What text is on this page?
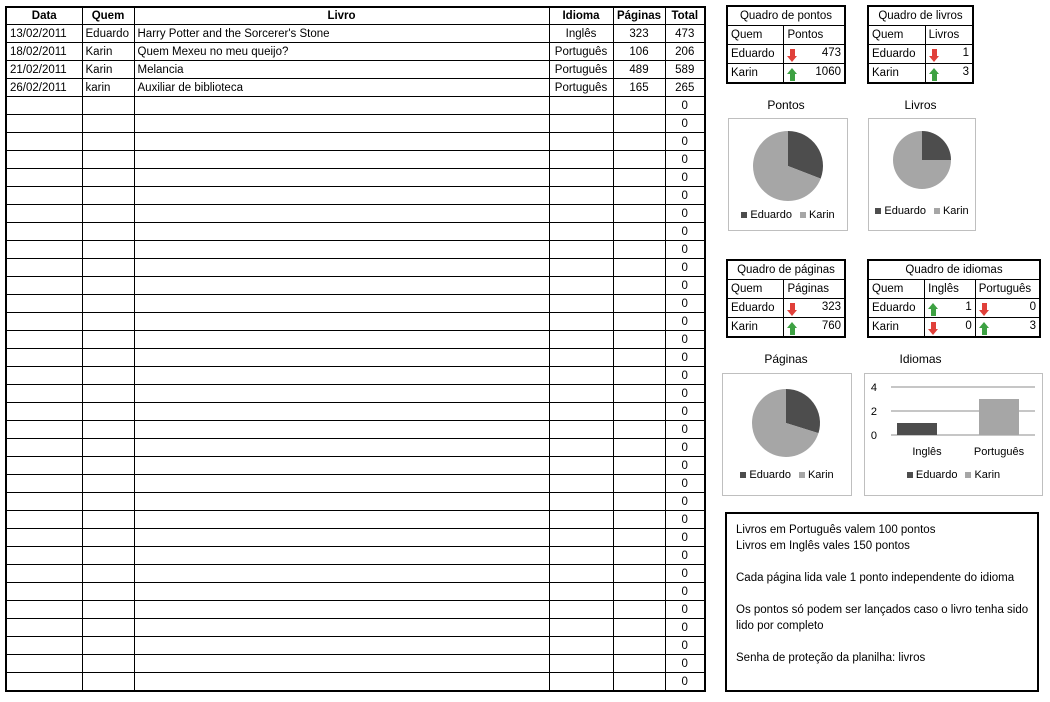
Data	Quem	Livro	Idioma	Páginas	Total
13/02/2011	Eduardo	Harry Potter and the Sorcerer's Stone	Inglês	323	473
18/02/2011	Karin	Quem Mexeu no meu queijo?	Português	106	206
21/02/2011	Karin	Melancia	Português	489	589
26/02/2011	karin	Auxiliar de biblioteca	Português	165	265
					0
					0
					0
					0
					0
					0
					0
					0
					0
					0
					0
					0
					0
					0
					0
					0
					0
					0
					0
					0
					0
					0
					0
					0
					0
					0
					0
					0
					0
					0
					0
					0
					0
Quadro de pontos	
Quem	Pontos
Eduardo	473
Karin	1060
Quadro de livros	
Quem	Livros
Eduardo	1
Karin	3
Pontos
Eduardo	Karin
Livros
Eduardo	Karin
Quadro de páginas	
Quem	Páginas
Eduardo	323
Karin	760
Quadro de idiomas		
Quem	Inglês	Português
Eduardo	1	0
Karin	0	3
Páginas
Eduardo	Karin
Idiomas
4
2
0
Inglês	Português
Eduardo	Karin
Livros em Português valem 100 pontos

Livros em Inglês vales 150 pontos

Cada página lida vale 1 ponto independente do idioma

Os pontos só podem ser lançados caso o livro tenha sido lido por completo

Senha de proteção da planilha: livros
